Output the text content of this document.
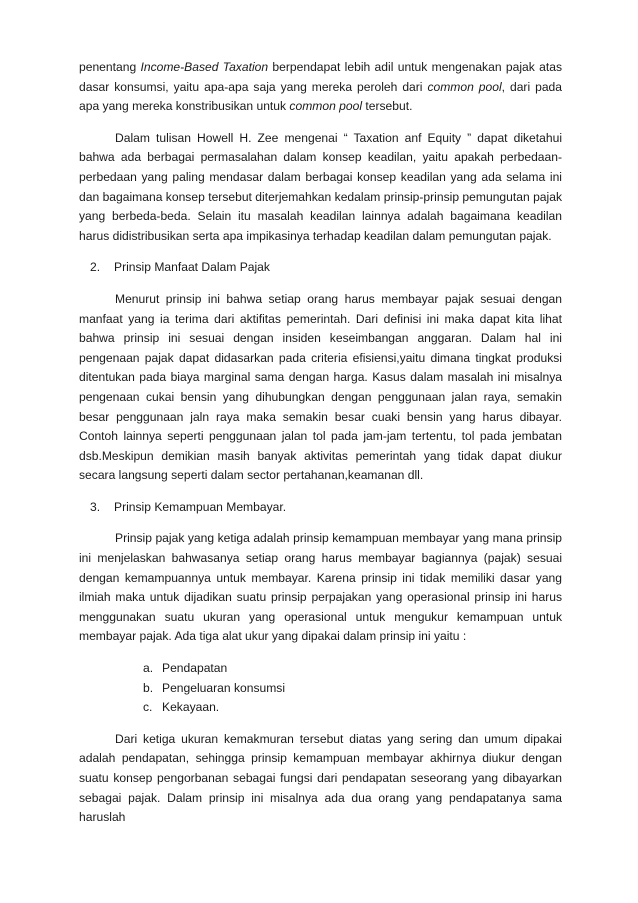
penentang Income-Based Taxation berpendapat lebih adil untuk mengenakan pajak atas dasar konsumsi, yaitu apa-apa saja yang mereka peroleh dari common pool, dari pada apa yang mereka konstribusikan untuk common pool tersebut.

Dalam tulisan Howell H. Zee mengenai “ Taxation anf Equity ” dapat diketahui bahwa ada berbagai permasalahan dalam konsep keadilan, yaitu apakah perbedaan-perbedaan yang paling mendasar dalam berbagai konsep keadilan yang ada selama ini dan bagaimana konsep tersebut diterjemahkan kedalam prinsip-prinsip pemungutan pajak yang berbeda-beda. Selain itu masalah keadilan lainnya adalah bagaimana keadilan harus didistribusikan serta apa impikasinya terhadap keadilan dalam pemungutan pajak.

2.	Prinsip Manfaat Dalam Pajak

Menurut prinsip ini bahwa setiap orang harus membayar pajak sesuai dengan manfaat yang ia terima dari aktifitas pemerintah. Dari definisi ini maka dapat kita lihat bahwa prinsip ini sesuai dengan insiden keseimbangan anggaran. Dalam hal ini pengenaan pajak dapat didasarkan pada criteria efisiensi,yaitu dimana tingkat produksi ditentukan pada biaya marginal sama dengan harga. Kasus dalam masalah ini misalnya pengenaan cukai bensin yang dihubungkan dengan penggunaan jalan raya, semakin besar penggunaan jaln raya maka semakin besar cuaki bensin yang harus dibayar. Contoh lainnya seperti penggunaan jalan tol pada jam-jam tertentu, tol pada jembatan dsb.Meskipun demikian masih banyak aktivitas pemerintah yang tidak dapat diukur secara langsung seperti dalam sector pertahanan,keamanan dll.

3.	Prinsip Kemampuan Membayar.

Prinsip pajak yang ketiga adalah prinsip kemampuan membayar yang mana prinsip ini menjelaskan bahwasanya setiap orang harus membayar bagiannya (pajak) sesuai dengan kemampuannya untuk membayar. Karena prinsip ini tidak memiliki dasar yang ilmiah maka untuk dijadikan suatu prinsip perpajakan yang operasional prinsip ini harus menggunakan suatu ukuran yang operasional untuk mengukur kemampuan untuk membayar pajak. Ada tiga alat ukur yang dipakai dalam prinsip ini yaitu :

a. Pendapatan
b. Pengeluaran konsumsi
c. Kekayaan.

Dari ketiga ukuran kemakmuran tersebut diatas yang sering dan umum dipakai adalah pendapatan, sehingga prinsip kemampuan membayar akhirnya diukur dengan suatu konsep pengorbanan sebagai fungsi dari pendapatan seseorang yang dibayarkan sebagai pajak. Dalam prinsip ini misalnya ada dua orang yang pendapatanya sama haruslah
